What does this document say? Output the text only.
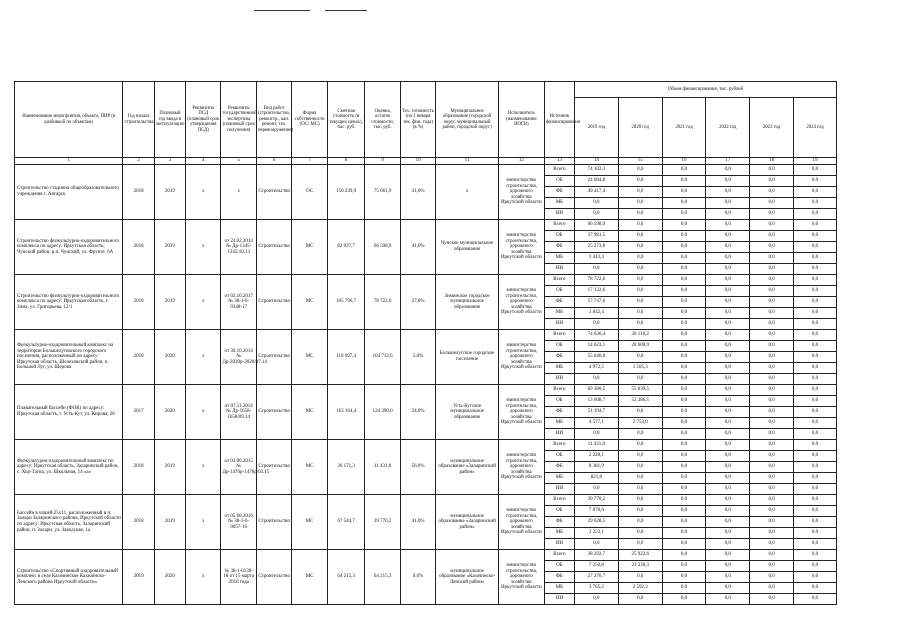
Наименование мероприятия, объекта, ПИР (в разбивкой по объектам)	Год начала строительства	Плановый год ввода в эксплуатацию	Реквизиты ПСД (плановый срок утверждения ПСД)	Реквизиты государственной экспертизы (плановый срок получения)	Вид работ (строительство, реконстр., кап. ремонт, тех. перевооружение)	Форма собственности (ОС/ МС)	Сметная стоимость (в текущих ценах), тыс. руб.	Оценка, остаток стоимости, тыс. руб.	Тех. готовность (на 1 января тек. фин. года) (в %)	Муниципальное образование (городской округ, муниципальный район, городской округ)	Исполнитель (наименование ИОГВ)	Источник финансирования	Объем финансирования, тыс. рублей					
													2019 год	2020 год	2021 год	2022 год	2023 год	2024 год
1	2	3	4	5	6	7	8	9	10	11	12	13	14	15	16	17	18	19
Строительство стадиона общеобразовательного учреждения г. Ангарск	2018	2019	x	x	Строительство	ОС	150 239,9	75 061,9	41,0%	x	министерство строительства, дорожного хозяйства Иркутской области	Всего	74 102,3	0,0	0,0	0,0	0,0	0,0
												ОБ	24 684,8	0,0	0,0	0,0	0,0	0,0
												ФБ	49 417,4	0,0	0,0	0,0	0,0	0,0
												МБ	0,0	0,0	0,0	0,0	0,0	0,0
												ИИ	0,0	0,0	0,0	0,0	0,0	0,0
Строительство физкультурно-оздоровительного комплекса по адресу: Иркутская область, Чунский район, р.п. Чунский, ул. Фрунзе, 6А	2018	2019	x	от 24.02.2014 № Др-1345-1345/10.13	Строительство	МС	82 037,7	66 598,9	41,0%	Чунское муниципальное образование	министерство строительства, дорожного хозяйства Иркутской области	Всего	66 598,9	0,0	0,0	0,0	0,0	0,0
												ОБ	37 981,5	0,0	0,0	0,0	0,0	0,0
												ФБ	25 273,8	0,0	0,0	0,0	0,0	0,0
												МБ	3 343,4	0,0	0,0	0,0	0,0	0,0
												ИИ	0,0	0,0	0,0	0,0	0,0	0,0
Строительство физкультурно-оздоровительного комплекса по адресу: Иркутская область, г. Зима, ул. Григорьева, 12/1	2018	2019	x	от 02.10.2017 № 38-1-6-0348-17	Строительство	МС	105 796,7	78 722,6	27,0%	Зиминское городское муниципальное образование	министерство строительства, дорожного хозяйства Иркутской области	Всего	78 722,6	0,0	0,0	0,0	0,0	0,0
												ОБ	17 132,6	0,0	0,0	0,0	0,0	0,0
												ФБ	57 747,6	0,0	0,0	0,0	0,0	0,0
												МБ	3 842,4	0,0	0,0	0,0	0,0	0,0
												ИИ	0,0	0,0	0,0	0,0	0,0	0,0
Физкультурно-оздоровительный комплекс на территории Большелуговского городского поселения, расположенный по адресу: Иркутская область, Шелеховский район, п. Большой Луг, ул. Шерова	2018	2020	x	от 30.10.2014 № Др-2020р-2020/07.14	Строительство	МС	110 097,4	104 712,6	5,0%	Большелугское городское поселение	министерство строительства, дорожного хозяйства Иркутской области	Всего	74 636,4	30 116,2	0,0	0,0	0,0	0,0
												ОБ	14 623,1	28 600,9	0,0	0,0	0,0	0,0
												ФБ	55 040,8	0,0	0,0	0,0	0,0	0,0
												МБ	4 972,5	1 505,3	0,0	0,0	0,0	0,0
												ИИ	0,0	0,0	0,0	0,0	0,0	0,0
Плавательный бассейн (ФОК) по адресу: Иркутская область, г. Усть-Кут, ул. Кирова, 28	2017	2020	x	от 07.11.2014 № Др-1658-1658/09.14	Строительство	МС	163 164,4	124 390,0	24,0%	Усть-Кутское муниципальное образование	министерство строительства, дорожного хозяйства Иркутской области	Всего	69 380,5	55 039,5	0,0	0,0	0,0	0,0
												ОБ	13 608,7	52 286,5	0,0	0,0	0,0	0,0
												ФБ	51 194,7	0,0	0,0	0,0	0,0	0,0
												МБ	4 577,1	2 753,0	0,0	0,0	0,0	0,0
												ИИ	0,0	0,0	0,0	0,0	0,0	0,0
Физкультурно-оздоровительный комплекс по адресу: Иркутская область, Заларинский район, с. Хор-Тагна, ул. Школьная, 14 «а»	2018	2019	x	от 03.06.2015 № Др-1476р-1476р/03.15	Строительство	МС	26 171,3	11 431,8	56,0%	муниципальное образование «Заларинский район»	министерство строительства, дорожного хозяйства Иркутской области	Всего	11 431,8	0,0	0,0	0,0	0,0	0,0
												ОБ	2 228,1	0,0	0,0	0,0	0,0	0,0
												ФБ	8 381,9	0,0	0,0	0,0	0,0	0,0
												МБ	821,8	0,0	0,0	0,0	0,0	0,0
												ИИ	0,0	0,0	0,0	0,0	0,0	0,0
Бассейн в чашей 25х11, расположенный в п. Залари Заларинского района, Иркутской области по адресу: Иркутская область, Заларинский район, п. Залари, ул. Заводская, 1а	2018	2019	x	от 05.08.2016 № 38-1-6-0057-16	Строительство	МС	67 544,7	39 770,2	41,0%	муниципальное образование «Заларинский район»	министерство строительства, дорожного хозяйства Иркутской области	Всего	39 770,2	0,0	0,0	0,0	0,0	0,0
												ОБ	7 878,6	0,0	0,0	0,0	0,0	0,0
												ФБ	29 628,5	0,0	0,0	0,0	0,0	0,0
												МБ	2 253,1	0,0	0,0	0,0	0,0	0,0
												ИИ	0,0	0,0	0,0	0,0	0,0	0,0
Строительство «Спортивный оздоровительный комплекс в селе Казачинское Казачинско-Ленского района Иркутской области»	2019	2020	x	№ 38-1-0130-18 от 15 марта 2018 года	Строительство	МС	64 215,3	64 215,3	0,0%	муниципальное образование «Казачинско-Ленский район»	министерство строительства, дорожного хозяйства Иркутской области	Всего	38 292,7	25 922,6	0,0	0,0	0,0	0,0
												ОБ	7 250,8	23 330,3	0,0	0,0	0,0	0,0
												ФБ	27 276,7	0,0	0,0	0,0	0,0	0,0
												МБ	3 765,2	2 592,3	0,0	0,0	0,0	0,0
												ИИ	0,0	0,0	0,0	0,0	0,0	0,0
